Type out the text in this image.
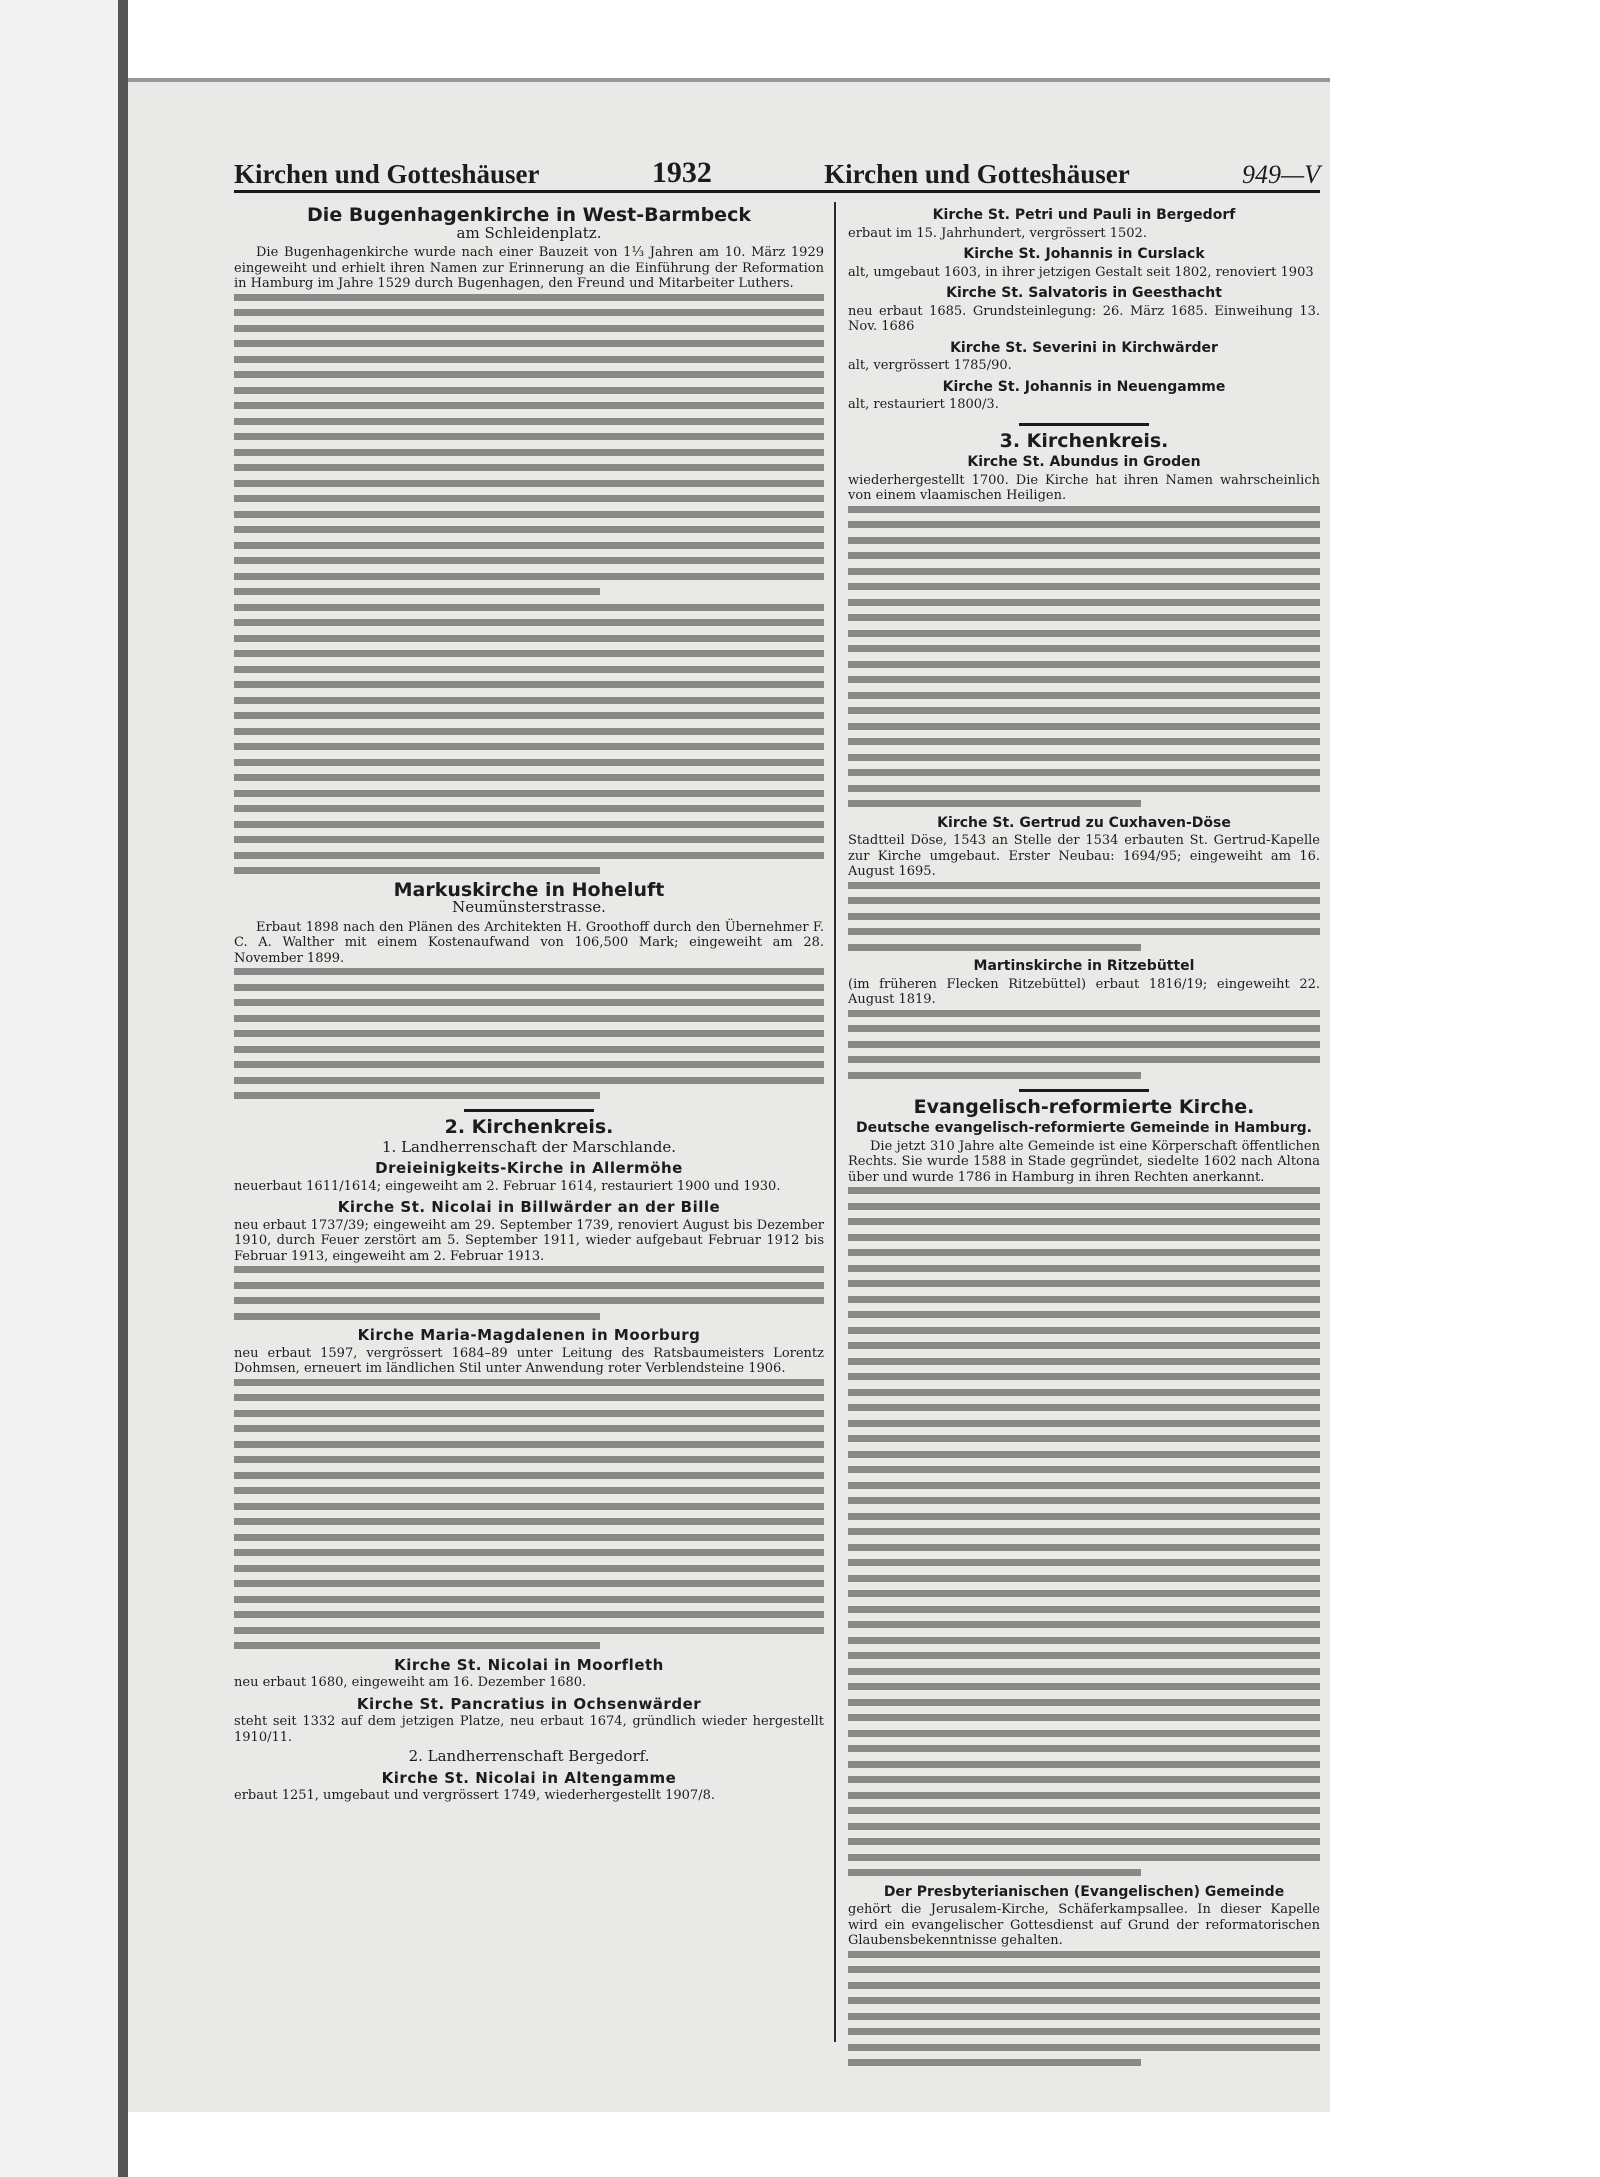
Kirchen und Gotteshäuser	1932	Kirchen und Gotteshäuser	949—V
Die Bugenhagenkirche in West-Barmbeck
am Schleidenplatz.

Die Bugenhagenkirche wurde nach einer Bauzeit von 1⅓ Jahren am 10. März 1929 eingeweiht und erhielt ihren Namen zur Erinnerung an die Einführung der Reformation in Hamburg im Jahre 1529 durch Bugenhagen, den Freund und Mitarbeiter Luthers.

Markuskirche in Hoheluft
Neumünsterstrasse.

Erbaut 1898 nach den Plänen des Architekten H. Groothoff durch den Übernehmer F. C. A. Walther mit einem Kostenaufwand von 106,500 Mark; eingeweiht am 28. November 1899.

2. Kirchenkreis.
1. Landherrenschaft der Marschlande.
Dreieinigkeits-Kirche in Allermöhe

neuerbaut 1611/1614; eingeweiht am 2. Februar 1614, restauriert 1900 und 1930.

Kirche St. Nicolai in Billwärder an der Bille

neu erbaut 1737/39; eingeweiht am 29. September 1739, renoviert August bis Dezember 1910, durch Feuer zerstört am 5. September 1911, wieder aufgebaut Februar 1912 bis Februar 1913, eingeweiht am 2. Februar 1913.

Kirche Maria-Magdalenen in Moorburg

neu erbaut 1597, vergrössert 1684–89 unter Leitung des Ratsbaumeisters Lorentz Dohmsen, erneuert im ländlichen Stil unter Anwendung roter Verblendsteine 1906.

Kirche St. Nicolai in Moorfleth

neu erbaut 1680, eingeweiht am 16. Dezember 1680.

Kirche St. Pancratius in Ochsenwärder

steht seit 1332 auf dem jetzigen Platze, neu erbaut 1674, gründlich wieder hergestellt 1910/11.

2. Landherrenschaft Bergedorf.
Kirche St. Nicolai in Altengamme

erbaut 1251, umgebaut und vergrössert 1749, wiederhergestellt 1907/8.

Kirche St. Petri und Pauli in Bergedorf

erbaut im 15. Jahrhundert, vergrössert 1502.

Kirche St. Johannis in Curslack

alt, umgebaut 1603, in ihrer jetzigen Gestalt seit 1802, renoviert 1903

Kirche St. Salvatoris in Geesthacht

neu erbaut 1685. Grundsteinlegung: 26. März 1685. Einweihung 13. Nov. 1686

Kirche St. Severini in Kirchwärder

alt, vergrössert 1785/90.

Kirche St. Johannis in Neuengamme

alt, restauriert 1800/3.

3. Kirchenkreis.
Kirche St. Abundus in Groden

wiederhergestellt 1700. Die Kirche hat ihren Namen wahrscheinlich von einem vlaamischen Heiligen.

Kirche St. Gertrud zu Cuxhaven-Döse

Stadtteil Döse, 1543 an Stelle der 1534 erbauten St. Gertrud-Kapelle zur Kirche umgebaut. Erster Neubau: 1694/95; eingeweiht am 16. August 1695.

Martinskirche in Ritzebüttel

(im früheren Flecken Ritzebüttel) erbaut 1816/19; eingeweiht 22. August 1819.

Evangelisch-reformierte Kirche.
Deutsche evangelisch-reformierte Gemeinde in Hamburg.

Die jetzt 310 Jahre alte Gemeinde ist eine Körperschaft öffentlichen Rechts. Sie wurde 1588 in Stade gegründet, siedelte 1602 nach Altona über und wurde 1786 in Hamburg in ihren Rechten anerkannt.

Der Presbyterianischen (Evangelischen) Gemeinde

gehört die Jerusalem-Kirche, Schäferkampsallee. In dieser Kapelle wird ein evangelischer Gottesdienst auf Grund der reformatorischen Glaubensbekenntnisse gehalten.
